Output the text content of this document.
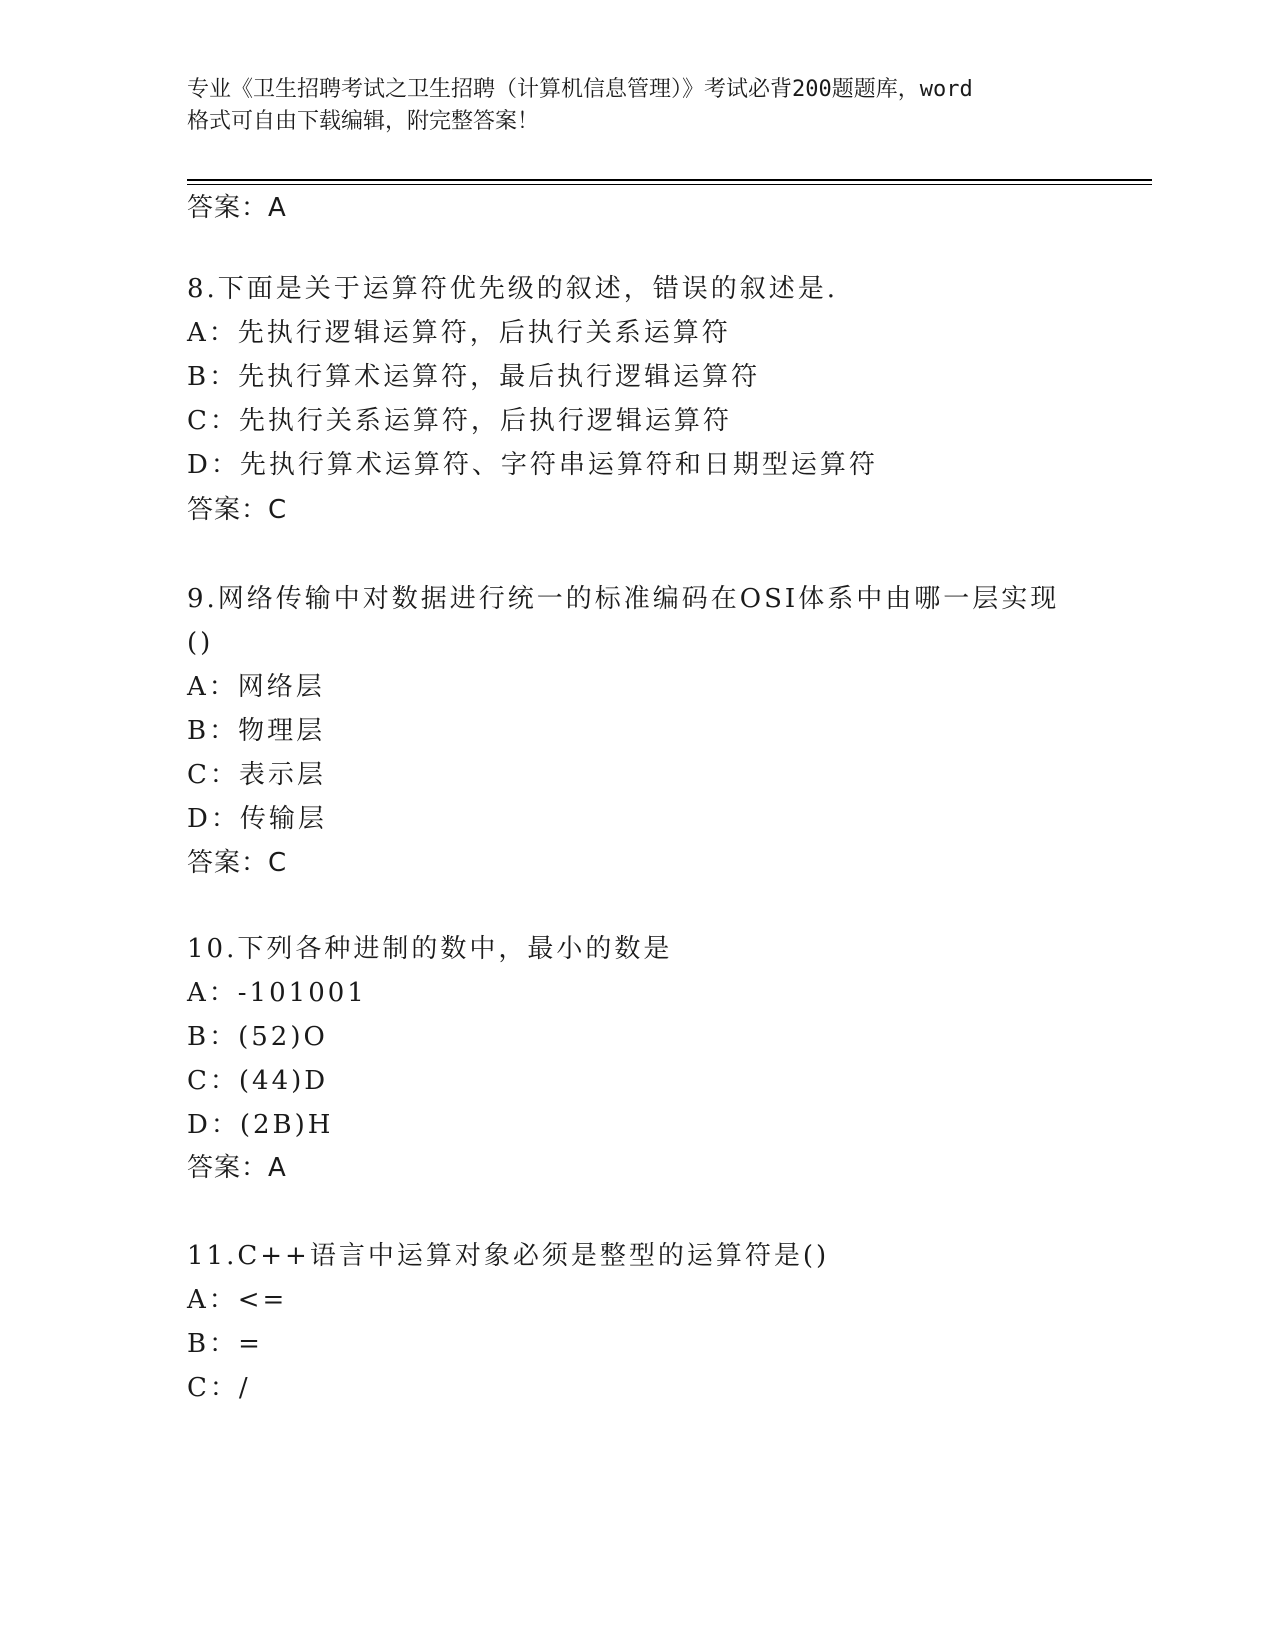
专业《卫生招聘考试之卫生招聘（计算机信息管理）》考试必背200题题库，word
格式可自由下载编辑，附完整答案！
答案：A
8.下面是关于运算符优先级的叙述，错误的叙述是.
A：先执行逻辑运算符，后执行关系运算符
B：先执行算术运算符，最后执行逻辑运算符
C：先执行关系运算符，后执行逻辑运算符
D：先执行算术运算符、字符串运算符和日期型运算符
答案：C
9.网络传输中对数据进行统一的标准编码在OSI体系中由哪一层实现
()
A：网络层
B：物理层
C：表示层
D：传输层
答案：C
10.下列各种进制的数中，最小的数是
A：-101001
B：(52)O
C：(44)D
D：(2B)H
答案：A
11.C++语言中运算对象必须是整型的运算符是()
A：<=
B：=
C：/
